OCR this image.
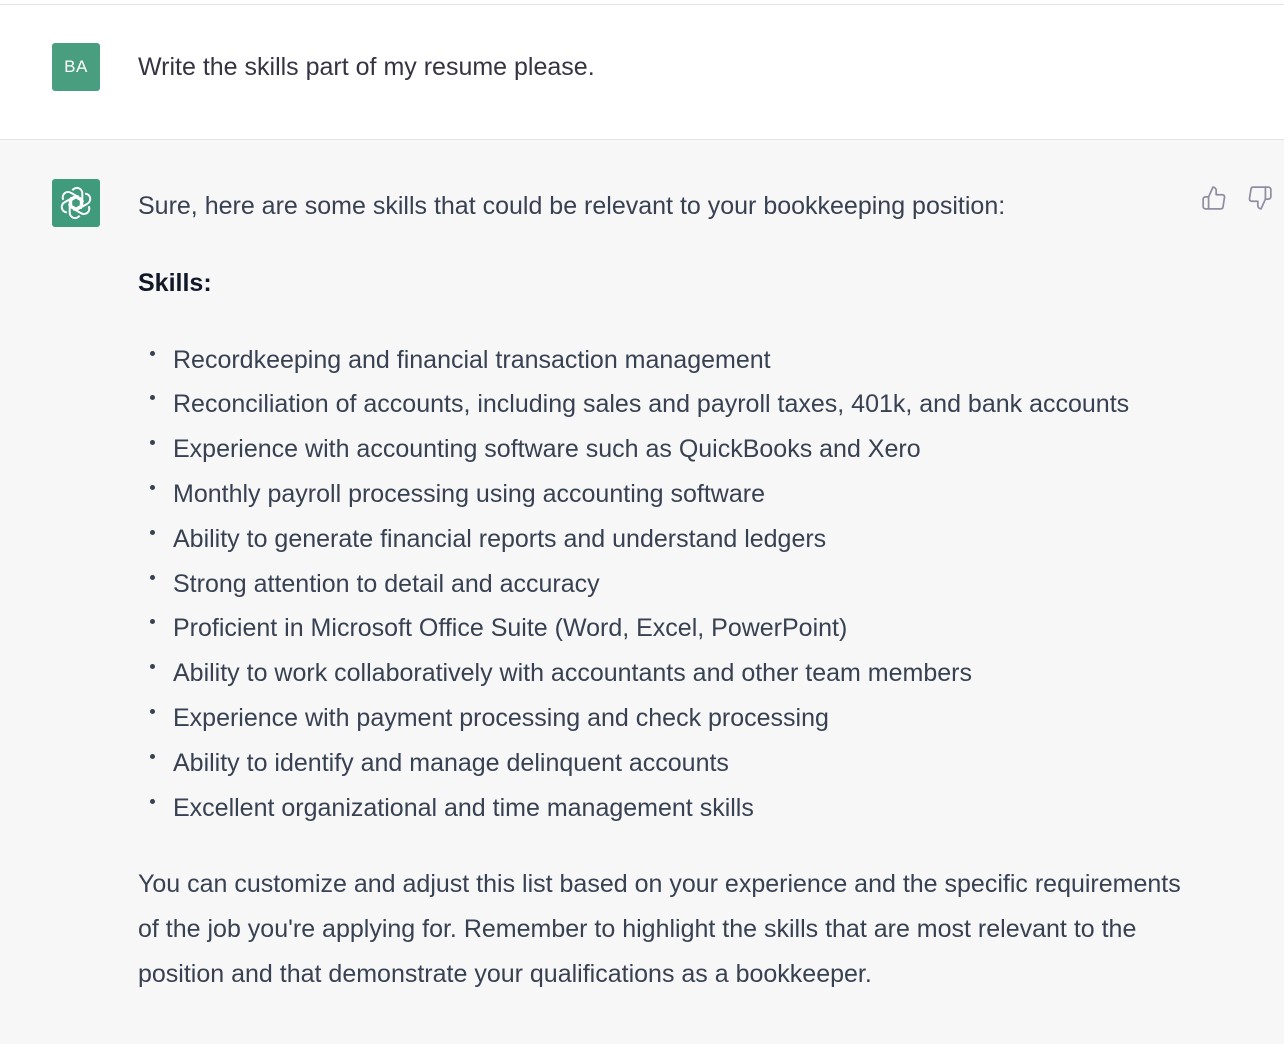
BA	Write the skills part of my resume please.

Sure, here are some skills that could be relevant to your bookkeeping position:

Skills:

Recordkeeping and financial transaction management
Reconciliation of accounts, including sales and payroll taxes, 401k, and bank accounts
Experience with accounting software such as QuickBooks and Xero
Monthly payroll processing using accounting software
Ability to generate financial reports and understand ledgers
Strong attention to detail and accuracy
Proficient in Microsoft Office Suite (Word, Excel, PowerPoint)
Ability to work collaboratively with accountants and other team members
Experience with payment processing and check processing
Ability to identify and manage delinquent accounts
Excellent organizational and time management skills

You can customize and adjust this list based on your experience and the specific requirements of the job you're applying for. Remember to highlight the skills that are most relevant to the position and that demonstrate your qualifications as a bookkeeper.
